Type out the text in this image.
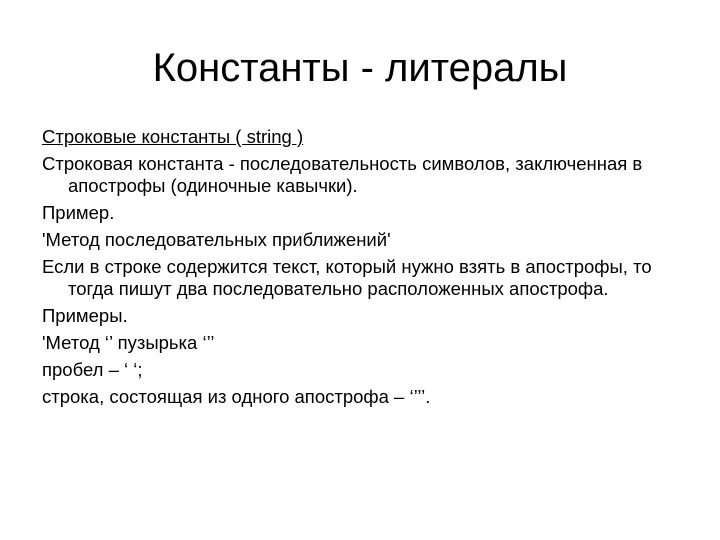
Константы - литералы

Строковые константы ( string )

Строковая константа - последовательность символов, заключенная в апострофы (одиночные кавычки).

Пример.

'Метод последовательных приближений'

Если в строке содержится текст, который нужно взять в апострофы, то тогда пишут два последовательно расположенных апострофа.

Примеры.

'Метод ‘’ пузырька ‘’’

пробел – ‘ ‘;

строка, состоящая из одного апострофа – ‘’’’.
